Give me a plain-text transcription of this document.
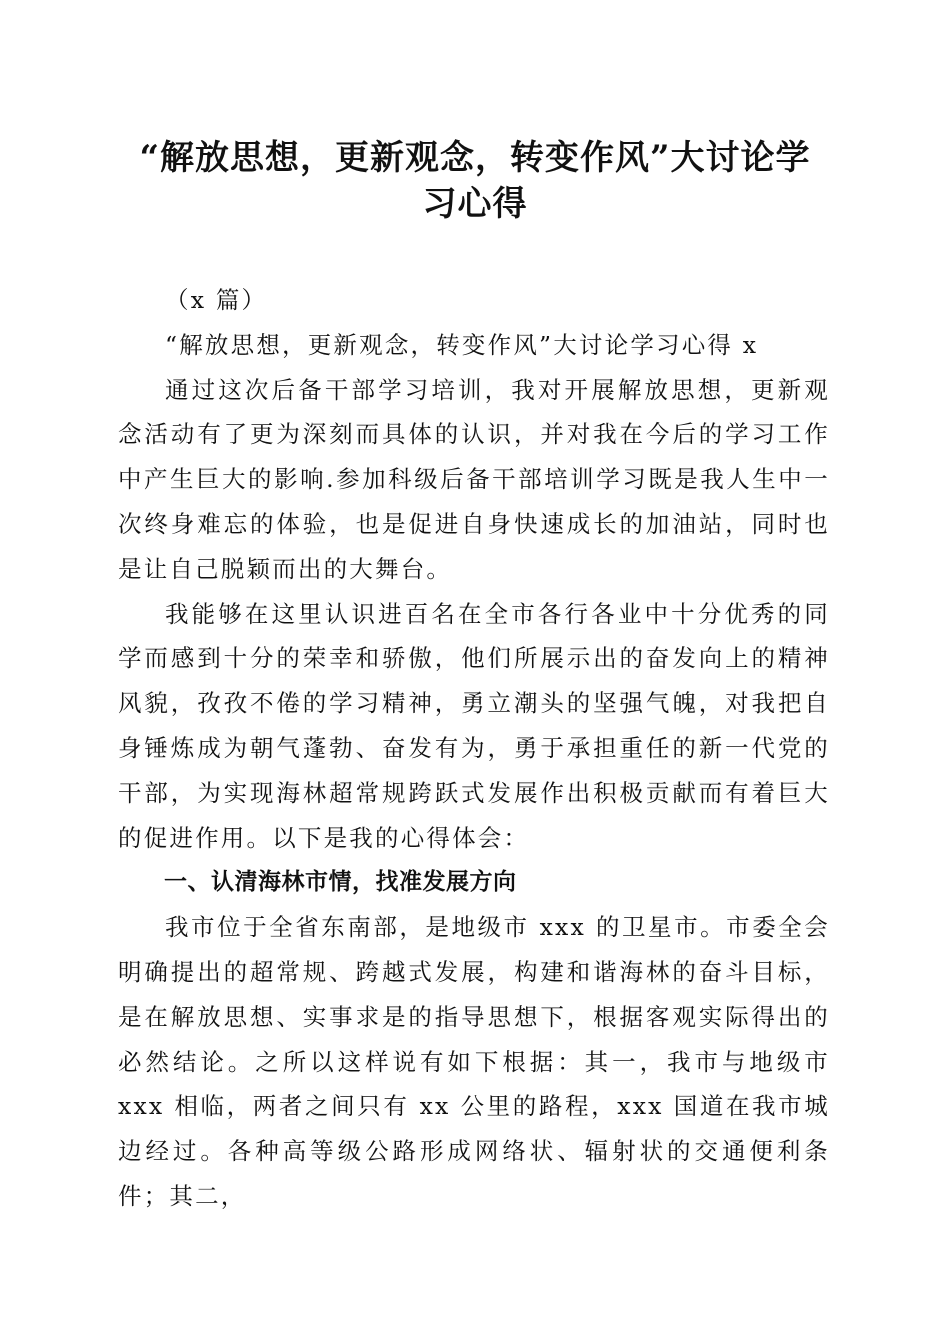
“解放思想，更新观念，转变作风”大讨论学
习心得

（x 篇）

“解放思想，更新观念，转变作风”大讨论学习心得 x

通过这次后备干部学习培训，我对开展解放思想，更新观念活动有了更为深刻而具体的认识，并对我在今后的学习工作中产生巨大的影响.参加科级后备干部培训学习既是我人生中一次终身难忘的体验，也是促进自身快速成长的加油站，同时也是让自己脱颖而出的大舞台。

我能够在这里认识进百名在全市各行各业中十分优秀的同学而感到十分的荣幸和骄傲，他们所展示出的奋发向上的精神风貌，孜孜不倦的学习精神，勇立潮头的坚强气魄，对我把自身锤炼成为朝气蓬勃、奋发有为，勇于承担重任的新一代党的干部，为实现海林超常规跨跃式发展作出积极贡献而有着巨大的促进作用。以下是我的心得体会：

一、认清海林市情，找准发展方向

我市位于全省东南部，是地级市 xxx 的卫星市。市委全会明确提出的超常规、跨越式发展，构建和谐海林的奋斗目标，是在解放思想、实事求是的指导思想下，根据客观实际得出的必然结论。之所以这样说有如下根据：其一，我市与地级市 xxx 相临，两者之间只有 xx 公里的路程，xxx 国道在我市城边经过。各种高等级公路形成网络状、辐射状的交通便利条件；其二，
